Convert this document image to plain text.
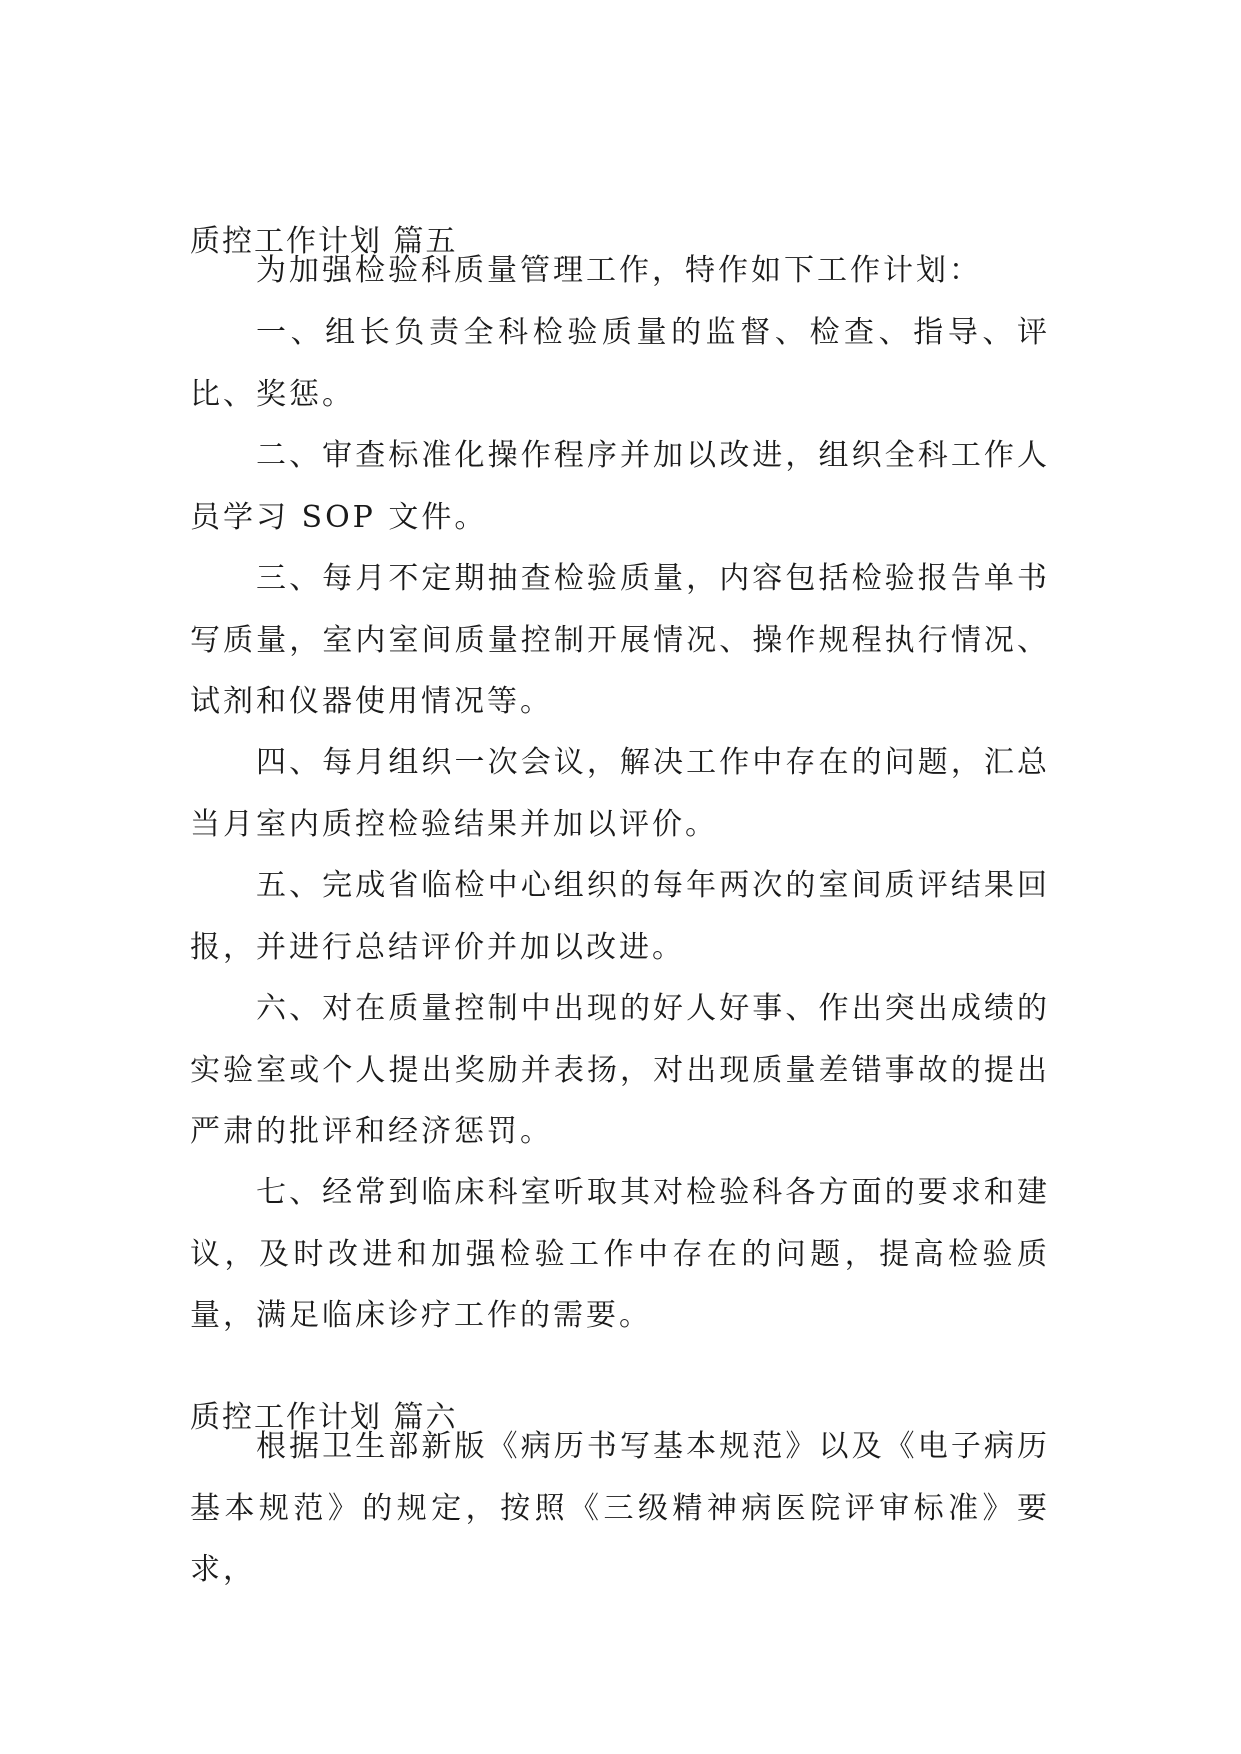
质控工作计划 篇五
为加强检验科质量管理工作，特作如下工作计划：
一、组长负责全科检验质量的监督、检查、指导、评比、奖惩。
二、审查标准化操作程序并加以改进，组织全科工作人员学习 SOP 文件。
三、每月不定期抽查检验质量，内容包括检验报告单书写质量，室内室间质量控制开展情况、操作规程执行情况、试剂和仪器使用情况等。
四、每月组织一次会议，解决工作中存在的问题，汇总当月室内质控检验结果并加以评价。
五、完成省临检中心组织的每年两次的室间质评结果回报，并进行总结评价并加以改进。
六、对在质量控制中出现的好人好事、作出突出成绩的实验室或个人提出奖励并表扬，对出现质量差错事故的提出严肃的批评和经济惩罚。
七、经常到临床科室听取其对检验科各方面的要求和建议，及时改进和加强检验工作中存在的问题，提高检验质量，满足临床诊疗工作的需要。
质控工作计划 篇六
根据卫生部新版《病历书写基本规范》以及《电子病历基本规范》的规定，按照《三级精神病医院评审标准》要求，
